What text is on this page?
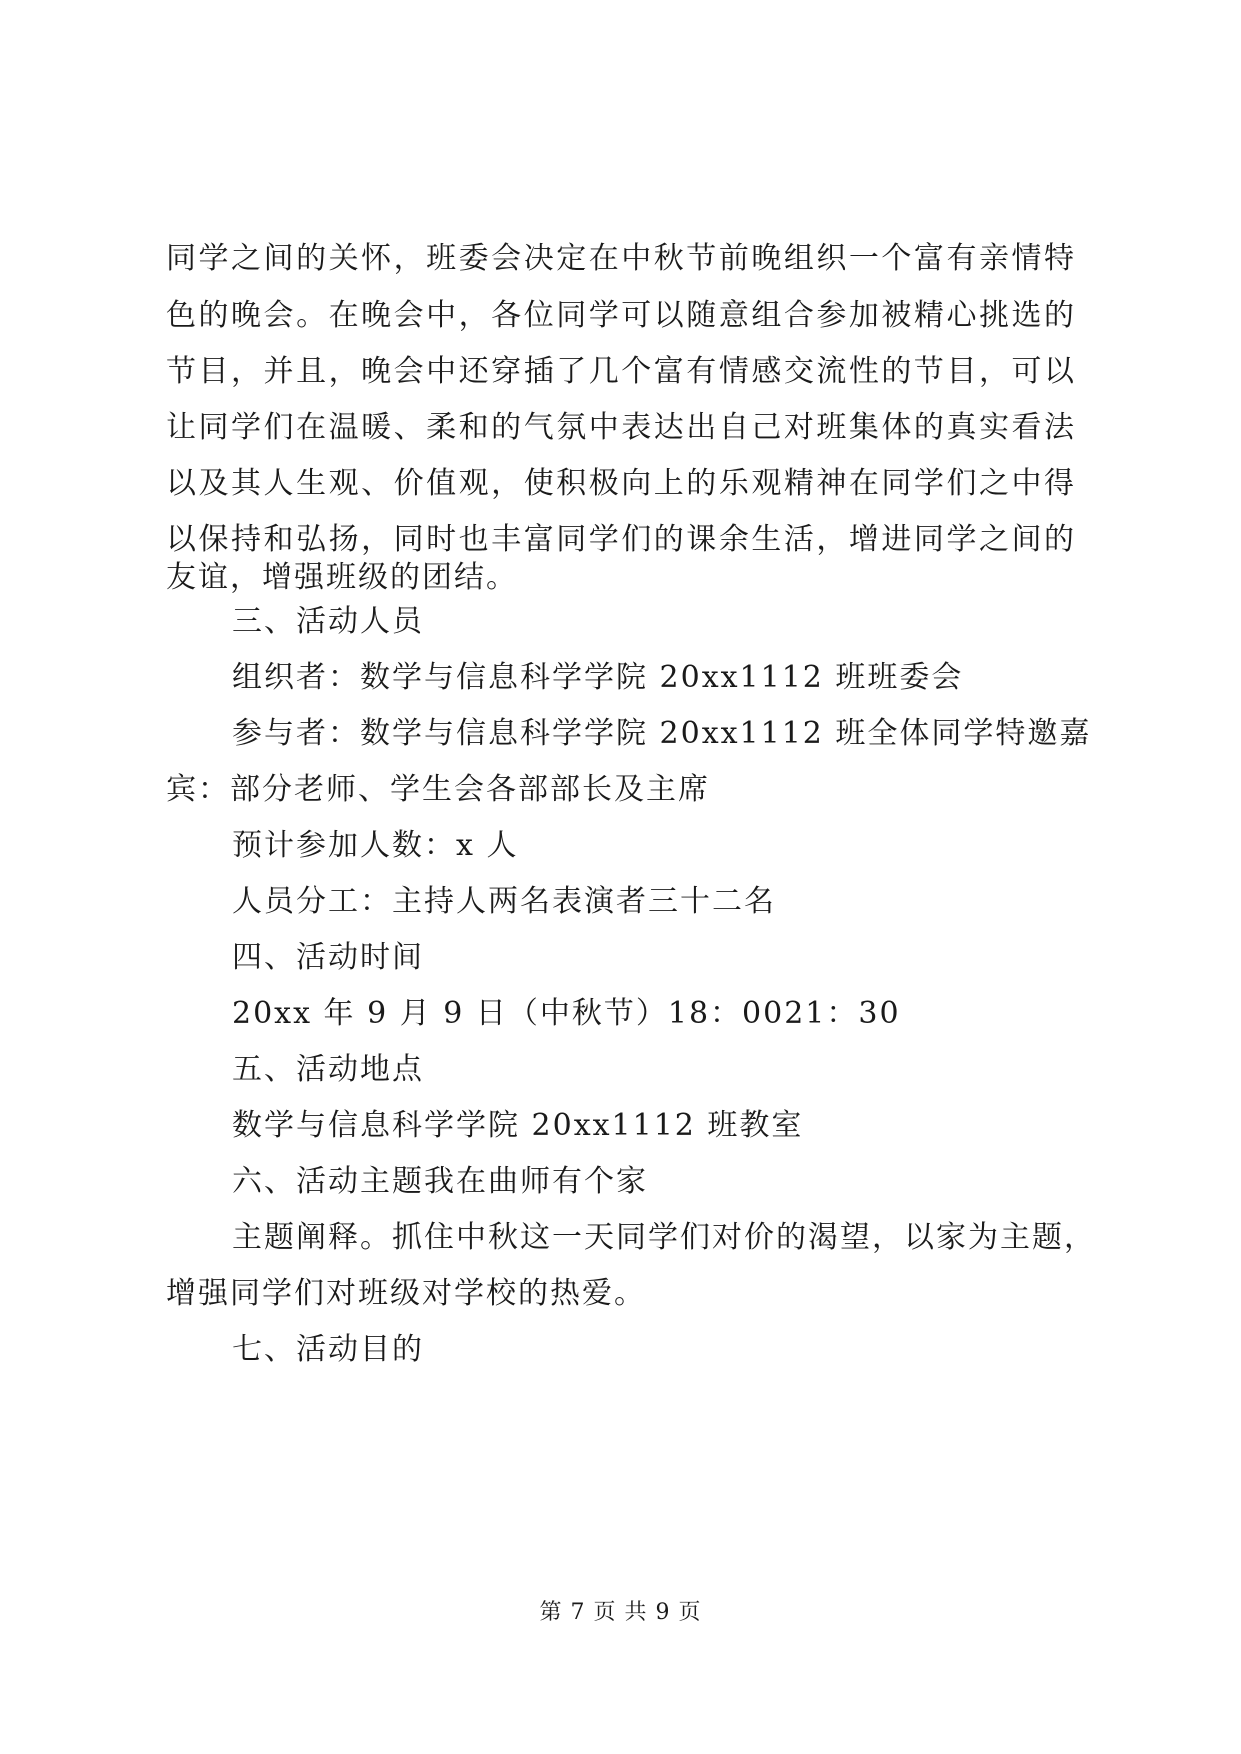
同学之间的关怀，班委会决定在中秋节前晚组织一个富有亲情特
色的晚会。在晚会中，各位同学可以随意组合参加被精心挑选的
节目，并且，晚会中还穿插了几个富有情感交流性的节目，可以
让同学们在温暖、柔和的气氛中表达出自己对班集体的真实看法
以及其人生观、价值观，使积极向上的乐观精神在同学们之中得
以保持和弘扬，同时也丰富同学们的课余生活，增进同学之间的
友谊，增强班级的团结。
三、活动人员
组织者：数学与信息科学学院 20xx1112 班班委会
参与者：数学与信息科学学院 20xx1112 班全体同学特邀嘉
宾：部分老师、学生会各部部长及主席
预计参加人数：x 人
人员分工：主持人两名表演者三十二名
四、活动时间
20xx 年 9 月 9 日（中秋节）18：0021：30
五、活动地点
数学与信息科学学院 20xx1112 班教室
六、活动主题我在曲师有个家
主题阐释。抓住中秋这一天同学们对价的渴望，以家为主题，
增强同学们对班级对学校的热爱。
七、活动目的
第 7 页 共 9 页
